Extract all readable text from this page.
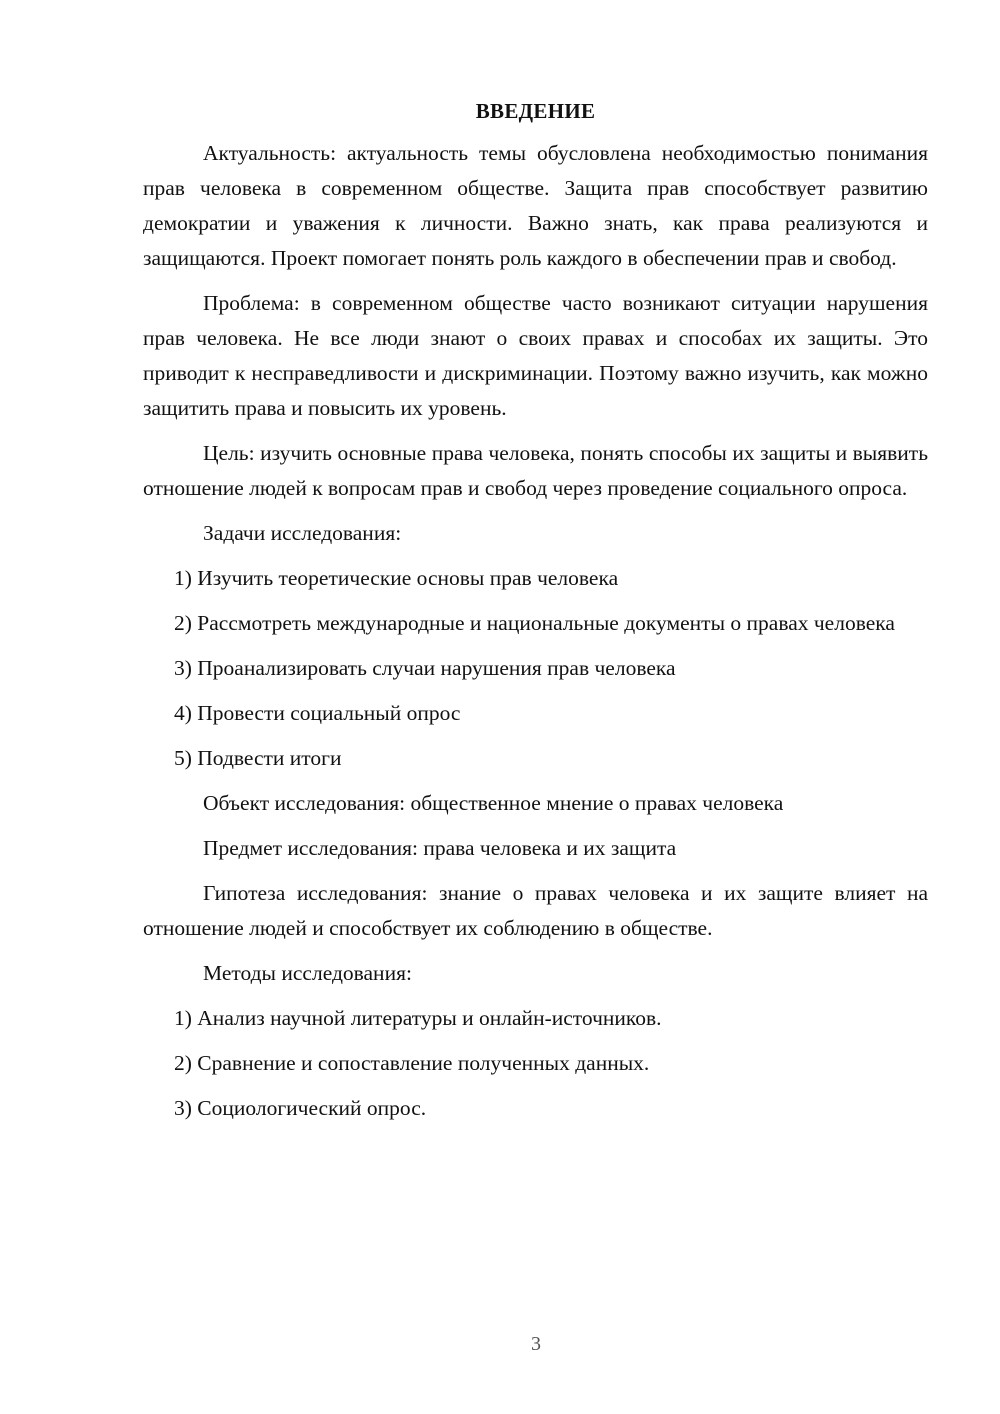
ВВЕДЕНИЕ

Актуальность: актуальность темы обусловлена необходимостью понимания прав человека в современном обществе. Защита прав способствует развитию демократии и уважения к личности. Важно знать, как права реализуются и защищаются. Проект помогает понять роль каждого в обеспечении прав и свобод.

Проблема: в современном обществе часто возникают ситуации нарушения прав человека. Не все люди знают о своих правах и способах их защиты. Это приводит к несправедливости и дискриминации. Поэтому важно изучить, как можно защитить права и повысить их уровень.

Цель: изучить основные права человека, понять способы их защиты и выявить отношение людей к вопросам прав и свобод через проведение социального опроса.

Задачи исследования:

1) Изучить теоретические основы прав человека

2) Рассмотреть международные и национальные документы о правах человека

3) Проанализировать случаи нарушения прав человека

4) Провести социальный опрос

5) Подвести итоги

Объект исследования: общественное мнение о правах человека

Предмет исследования: права человека и их защита

Гипотеза исследования: знание о правах человека и их защите влияет на отношение людей и способствует их соблюдению в обществе.

Методы исследования:

1) Анализ научной литературы и онлайн-источников.

2) Сравнение и сопоставление полученных данных.

3) Социологический опрос.

3
